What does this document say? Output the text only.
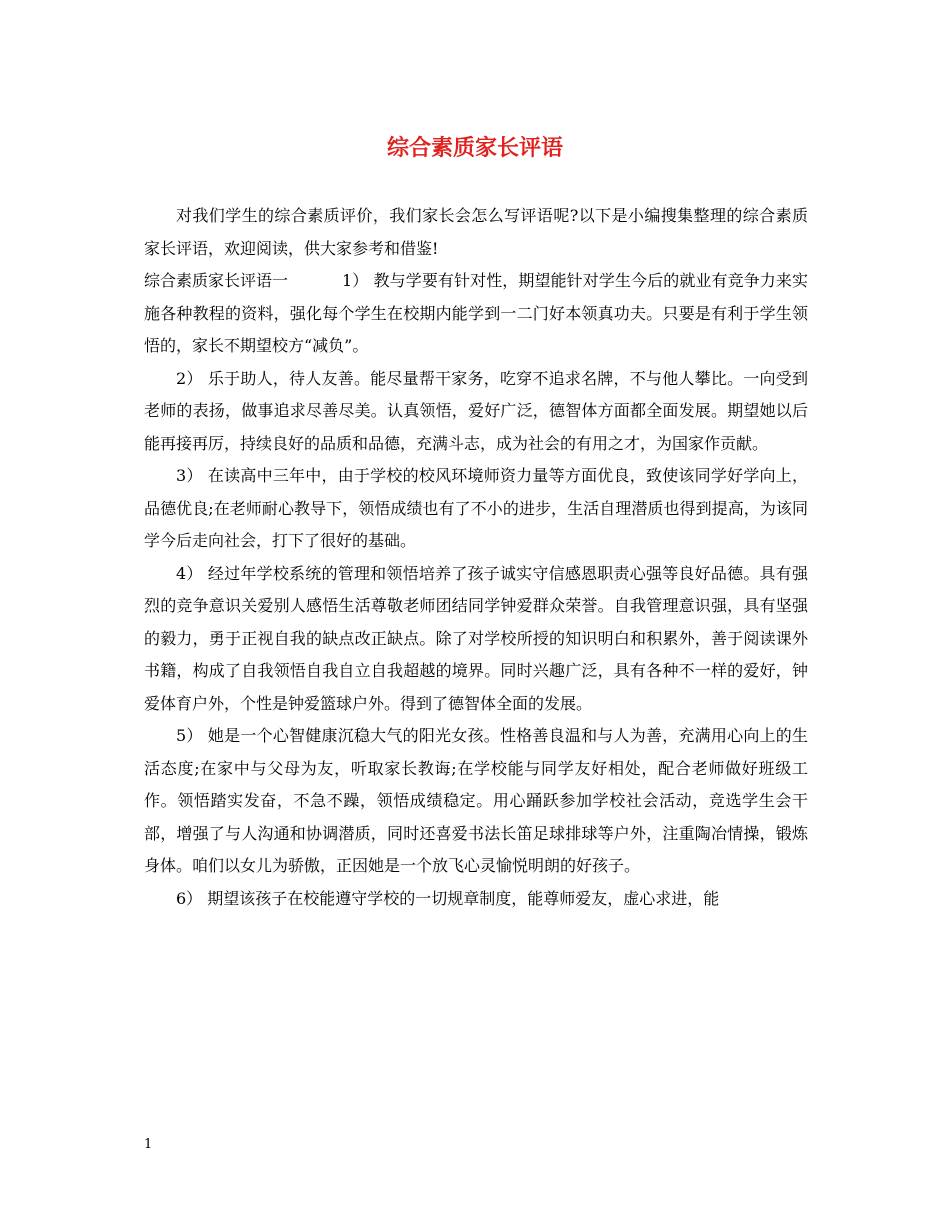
综合素质家长评语

对我们学生的综合素质评价，我们家长会怎么写评语呢?以下是小编搜集整理的综合素质家长评语，欢迎阅读，供大家参考和借鉴!

综合素质家长评语一	1） 教与学要有针对性，期望能针对学生今后的就业有竞争力来实施各种教程的资料，强化每个学生在校期内能学到一二门好本领真功夫。只要是有利于学生领悟的，家长不期望校方“减负”。

2） 乐于助人，待人友善。能尽量帮干家务，吃穿不追求名牌，不与他人攀比。一向受到老师的表扬，做事追求尽善尽美。认真领悟，爱好广泛，德智体方面都全面发展。期望她以后能再接再厉，持续良好的品质和品德，充满斗志，成为社会的有用之才，为国家作贡献。

3） 在读高中三年中，由于学校的校风环境师资力量等方面优良，致使该同学好学向上，品德优良;在老师耐心教导下，领悟成绩也有了不小的进步，生活自理潜质也得到提高，为该同学今后走向社会，打下了很好的基础。

4） 经过年学校系统的管理和领悟培养了孩子诚实守信感恩职责心强等良好品德。具有强烈的竞争意识关爱别人感悟生活尊敬老师团结同学钟爱群众荣誉。自我管理意识强，具有坚强的毅力，勇于正视自我的缺点改正缺点。除了对学校所授的知识明白和积累外，善于阅读课外书籍，构成了自我领悟自我自立自我超越的境界。同时兴趣广泛，具有各种不一样的爱好，钟爱体育户外，个性是钟爱篮球户外。得到了德智体全面的发展。

5） 她是一个心智健康沉稳大气的阳光女孩。性格善良温和与人为善，充满用心向上的生活态度;在家中与父母为友，听取家长教诲;在学校能与同学友好相处，配合老师做好班级工作。领悟踏实发奋，不急不躁，领悟成绩稳定。用心踊跃参加学校社会活动，竞选学生会干部，增强了与人沟通和协调潜质，同时还喜爱书法长笛足球排球等户外，注重陶冶情操，锻炼身体。咱们以女儿为骄傲，正因她是一个放飞心灵愉悦明朗的好孩子。

6） 期望该孩子在校能遵守学校的一切规章制度，能尊师爱友，虚心求进，能

1
